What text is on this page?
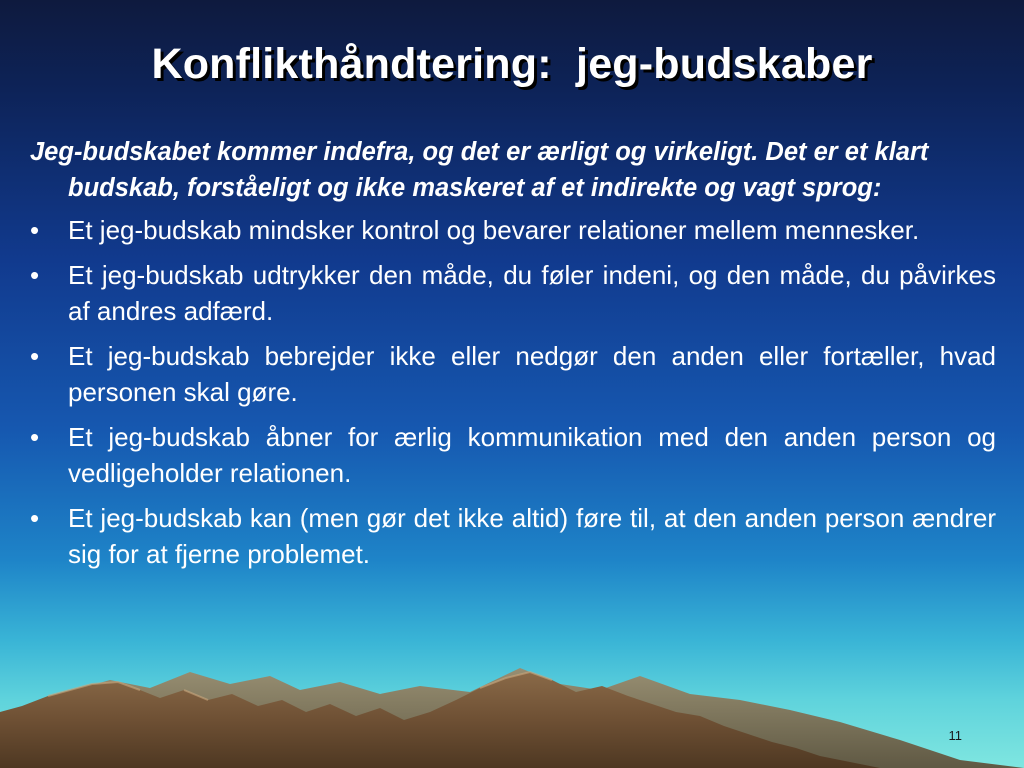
Konflikthåndtering:  jeg-budskaber

Jeg-budskabet kommer indefra, og det er ærligt og virkeligt. Det er et klart budskab, forståeligt og ikke maskeret af et indirekte og vagt sprog:

•	Et jeg-budskab mindsker kontrol og bevarer relationer mellem mennesker.
•	Et jeg-budskab udtrykker den måde, du føler indeni, og den måde, du påvirkes af andres adfærd.
•	Et jeg-budskab bebrejder ikke eller nedgør den anden eller fortæller, hvad personen skal gøre.
•	Et jeg-budskab åbner for ærlig kommunikation med den anden person og vedligeholder relationen.
•	Et jeg-budskab kan (men gør det ikke altid) føre til, at den anden person ændrer sig for at fjerne problemet.
11
